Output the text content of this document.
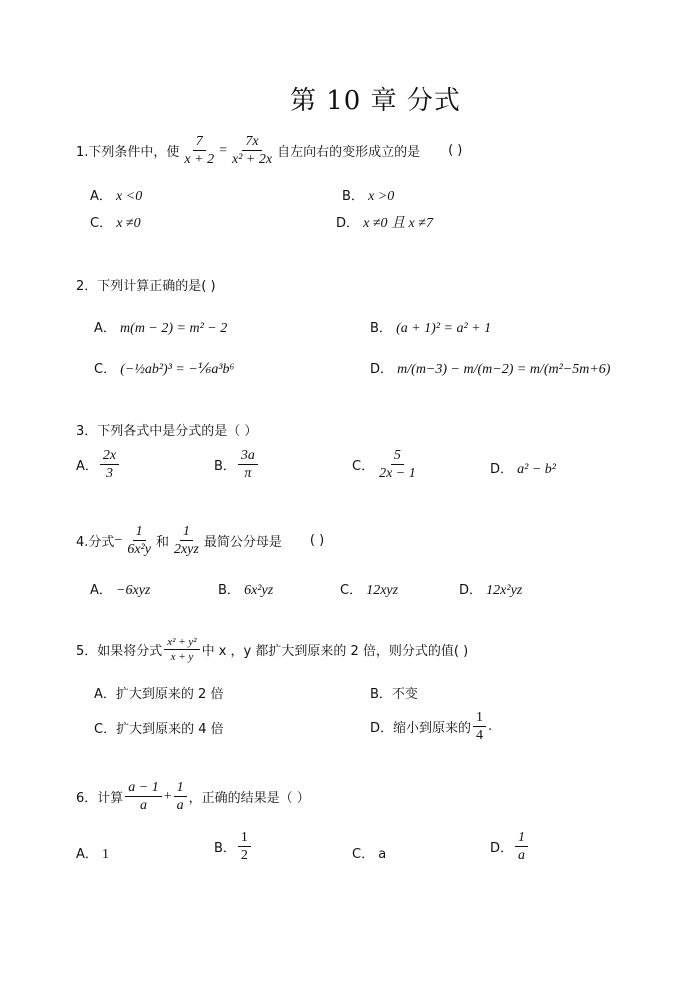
第 10 章 分式
1.下列条件中，使 $\frac{7}{x + 2} = \frac{7x}{\text{x² + 2x}}$ 自左向右的变形成立的是 ( )
A． x <0	B． x >0
C． x ≠0	D． x ≠0 且 x ≠7
2．下列计算正确的是( )
A． m(m − 2) = m² − 2	B． (a + 1)² = a² + 1
C． (−½ab²)³ = −⅙a³b⁶	D． m/(m−3) − m/(m−2) = m/(m²−5m+6)
3．下列各式中是分式的是（ ）
A． $\frac{2x}{3}$	B． $\frac{3a}{\pi}$	C． $\frac{5}{2x - 1}$	D． a² − b²
4.分式 − $\frac{1}{\text{6x²y}}$ 和 $\frac{1}{\text{2xyz}}$ 最简公分母是 ( )
A． −6xyz	B． 6x²yz	C． 12xyz	D． 12x²yz
5．如果将分式 $\frac{\text{x² + y²}}{x + y}$ 中 x ，y 都扩大到原来的 2 倍，则分式的值( )
A．扩大到原来的 2 倍	B．不变
C．扩大到原来的 4 倍	D． 缩小到原来的 $\frac{1}{4}$ .
6．计算 $\frac{a - 1}{a} + \frac{1}{a}$ ，正确的结果是（ ）
A． 1	B． $\frac{1}{2}$	C． a	D． $\frac{1}{a}$
